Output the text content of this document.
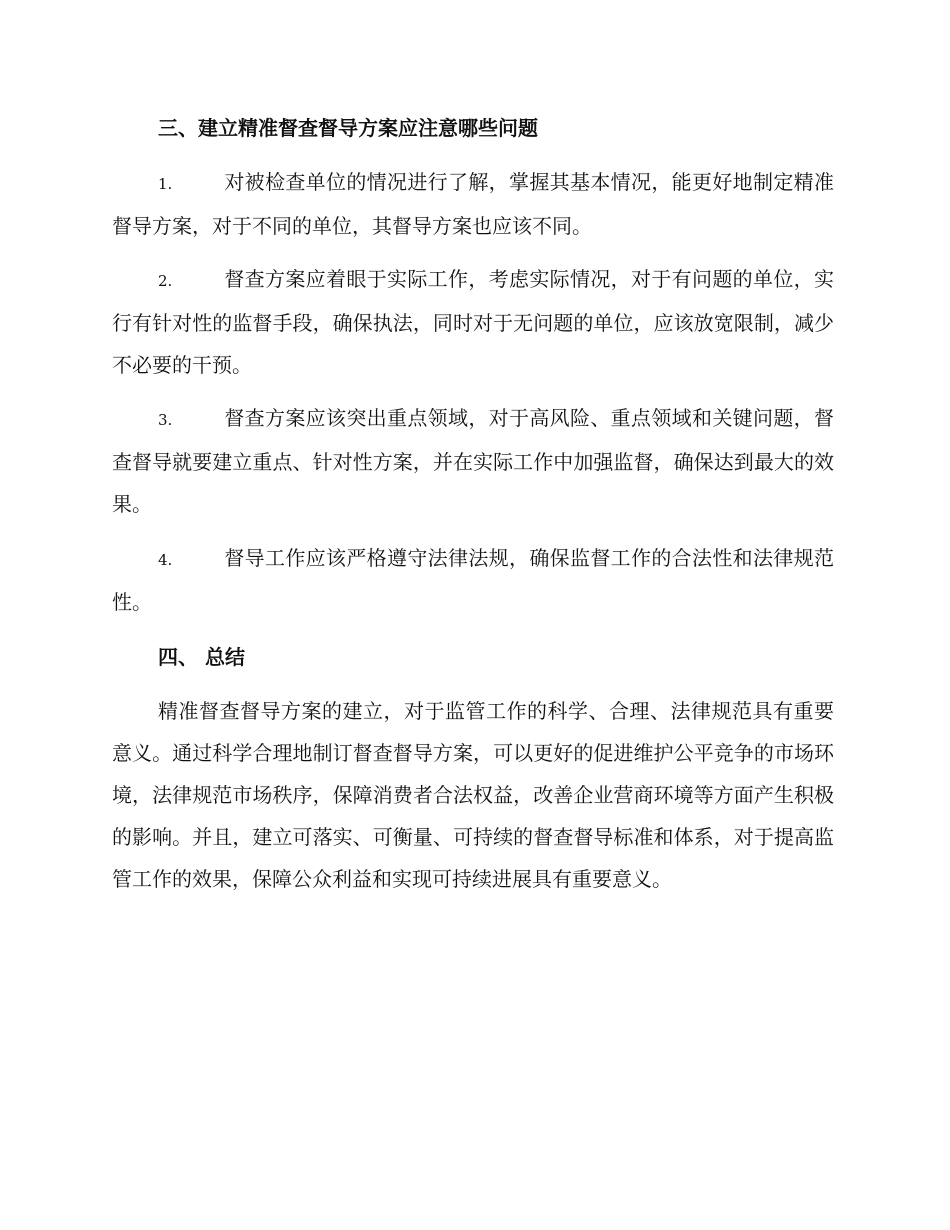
三、建立精准督查督导方案应注意哪些问题
1.	对被检查单位的情况进行了解，掌握其基本情况，能更好地制定精准督导方案，对于不同的单位，其督导方案也应该不同。
2.	督查方案应着眼于实际工作，考虑实际情况，对于有问题的单位，实行有针对性的监督手段，确保执法，同时对于无问题的单位，应该放宽限制，减少不必要的干预。
3.	督查方案应该突出重点领域，对于高风险、重点领域和关键问题，督查督导就要建立重点、针对性方案，并在实际工作中加强监督，确保达到最大的效果。
4.	督导工作应该严格遵守法律法规，确保监督工作的合法性和法律规范性。
四、 总结
精准督查督导方案的建立，对于监管工作的科学、合理、法律规范具有重要意义。通过科学合理地制订督查督导方案，可以更好的促进维护公平竞争的市场环境，法律规范市场秩序，保障消费者合法权益，改善企业营商环境等方面产生积极的影响。并且，建立可落实、可衡量、可持续的督查督导标准和体系，对于提高监管工作的效果，保障公众利益和实现可持续进展具有重要意义。
